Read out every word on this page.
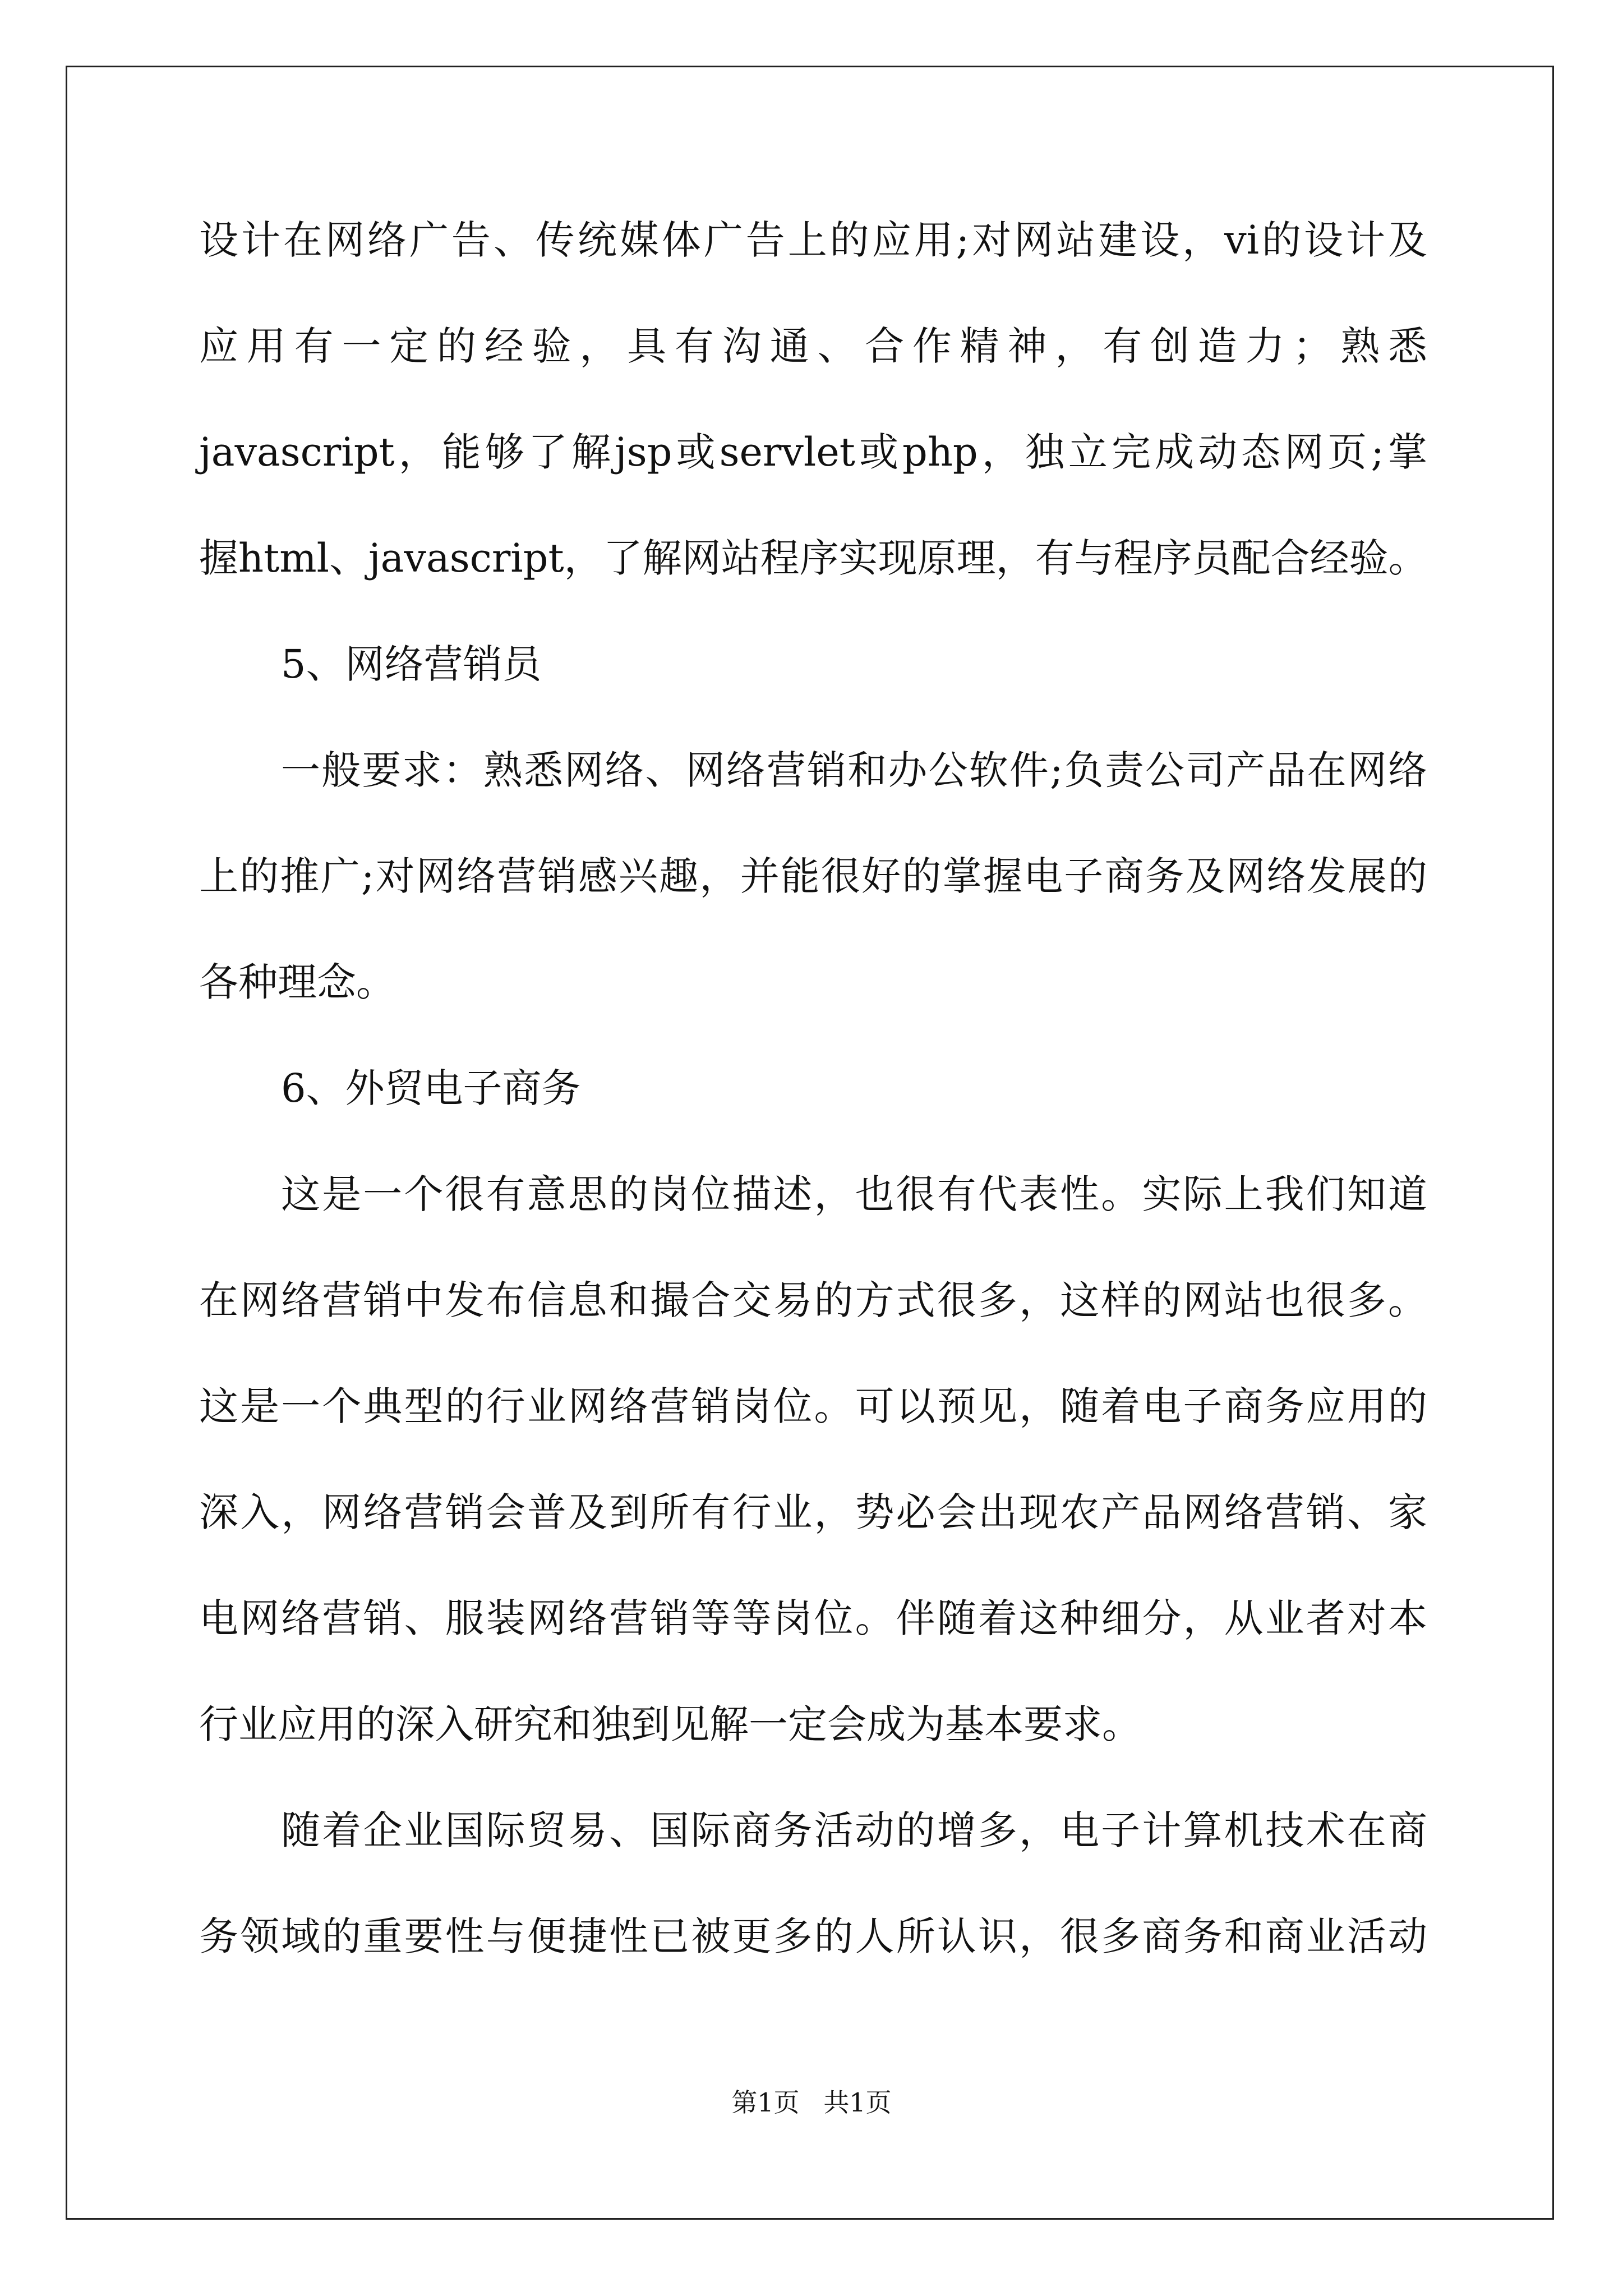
设计在网络广告、传统媒体广告上的应用;对网站建设，vi的设计及
应用有一定的经验，具有沟通、合作精神，有创造力；熟悉
javascript，能够了解jsp或servlet或php，独立完成动态网页;掌
握html、javascript，了解网站程序实现原理，有与程序员配合经验。
5、网络营销员
一般要求：熟悉网络、网络营销和办公软件;负责公司产品在网络
上的推广;对网络营销感兴趣，并能很好的掌握电子商务及网络发展的
各种理念。
6、外贸电子商务
这是一个很有意思的岗位描述，也很有代表性。实际上我们知道
在网络营销中发布信息和撮合交易的方式很多，这样的网站也很多。
这是一个典型的行业网络营销岗位。可以预见，随着电子商务应用的
深入，网络营销会普及到所有行业，势必会出现农产品网络营销、家
电网络营销、服装网络营销等等岗位。伴随着这种细分，从业者对本
行业应用的深入研究和独到见解一定会成为基本要求。
随着企业国际贸易、国际商务活动的增多，电子计算机技术在商
务领域的重要性与便捷性已被更多的人所认识，很多商务和商业活动
第1页 共1页
